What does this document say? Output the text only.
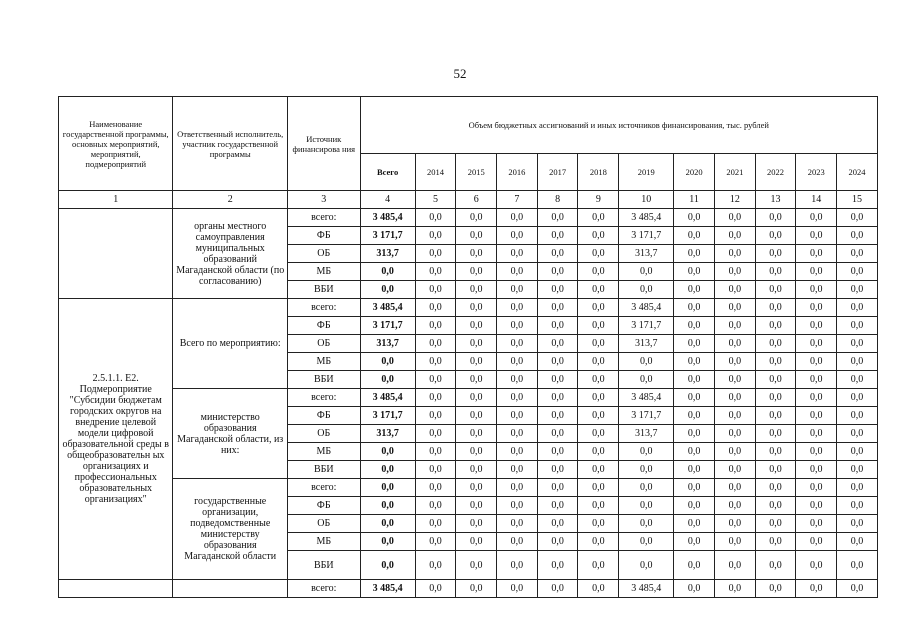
52
Наименование государственной программы, основных мероприятий, мероприятий, подмероприятий	Ответственный исполнитель, участник государственной программы	Источник финансирова ния	Объем бюджетных ассигнований и иных источников финансирования, тыс. рублей											
			Всего	2014	2015	2016	2017	2018	2019	2020	2021	2022	2023	2024
1	2	3	4	5	6	7	8	9	10	11	12	13	14	15
	органы местного самоуправления муниципальных образований Магаданской области (по согласованию)	всего:	3 485,4	0,0	0,0	0,0	0,0	0,0	3 485,4	0,0	0,0	0,0	0,0	0,0
		ФБ	3 171,7	0,0	0,0	0,0	0,0	0,0	3 171,7	0,0	0,0	0,0	0,0	0,0
		ОБ	313,7	0,0	0,0	0,0	0,0	0,0	313,7	0,0	0,0	0,0	0,0	0,0
		МБ	0,0	0,0	0,0	0,0	0,0	0,0	0,0	0,0	0,0	0,0	0,0	0,0
		ВБИ	0,0	0,0	0,0	0,0	0,0	0,0	0,0	0,0	0,0	0,0	0,0	0,0
2.5.1.1. Е2. Подмероприятие "Субсидии бюджетам городских округов на внедрение целевой модели цифровой образовательной среды в общеобразовательн ых организациях и профессиональных образовательных организациях"	Всего по мероприятию:	всего:	3 485,4	0,0	0,0	0,0	0,0	0,0	3 485,4	0,0	0,0	0,0	0,0	0,0
		ФБ	3 171,7	0,0	0,0	0,0	0,0	0,0	3 171,7	0,0	0,0	0,0	0,0	0,0
		ОБ	313,7	0,0	0,0	0,0	0,0	0,0	313,7	0,0	0,0	0,0	0,0	0,0
		МБ	0,0	0,0	0,0	0,0	0,0	0,0	0,0	0,0	0,0	0,0	0,0	0,0
		ВБИ	0,0	0,0	0,0	0,0	0,0	0,0	0,0	0,0	0,0	0,0	0,0	0,0
	министерство образования Магаданской области, из них:	всего:	3 485,4	0,0	0,0	0,0	0,0	0,0	3 485,4	0,0	0,0	0,0	0,0	0,0
		ФБ	3 171,7	0,0	0,0	0,0	0,0	0,0	3 171,7	0,0	0,0	0,0	0,0	0,0
		ОБ	313,7	0,0	0,0	0,0	0,0	0,0	313,7	0,0	0,0	0,0	0,0	0,0
		МБ	0,0	0,0	0,0	0,0	0,0	0,0	0,0	0,0	0,0	0,0	0,0	0,0
		ВБИ	0,0	0,0	0,0	0,0	0,0	0,0	0,0	0,0	0,0	0,0	0,0	0,0
	государственные организации, подведомственные министерству образования Магаданской области	всего:	0,0	0,0	0,0	0,0	0,0	0,0	0,0	0,0	0,0	0,0	0,0	0,0
		ФБ	0,0	0,0	0,0	0,0	0,0	0,0	0,0	0,0	0,0	0,0	0,0	0,0
		ОБ	0,0	0,0	0,0	0,0	0,0	0,0	0,0	0,0	0,0	0,0	0,0	0,0
		МБ	0,0	0,0	0,0	0,0	0,0	0,0	0,0	0,0	0,0	0,0	0,0	0,0
		ВБИ	0,0	0,0	0,0	0,0	0,0	0,0	0,0	0,0	0,0	0,0	0,0	0,0
		всего:	3 485,4	0,0	0,0	0,0	0,0	0,0	3 485,4	0,0	0,0	0,0	0,0	0,0
